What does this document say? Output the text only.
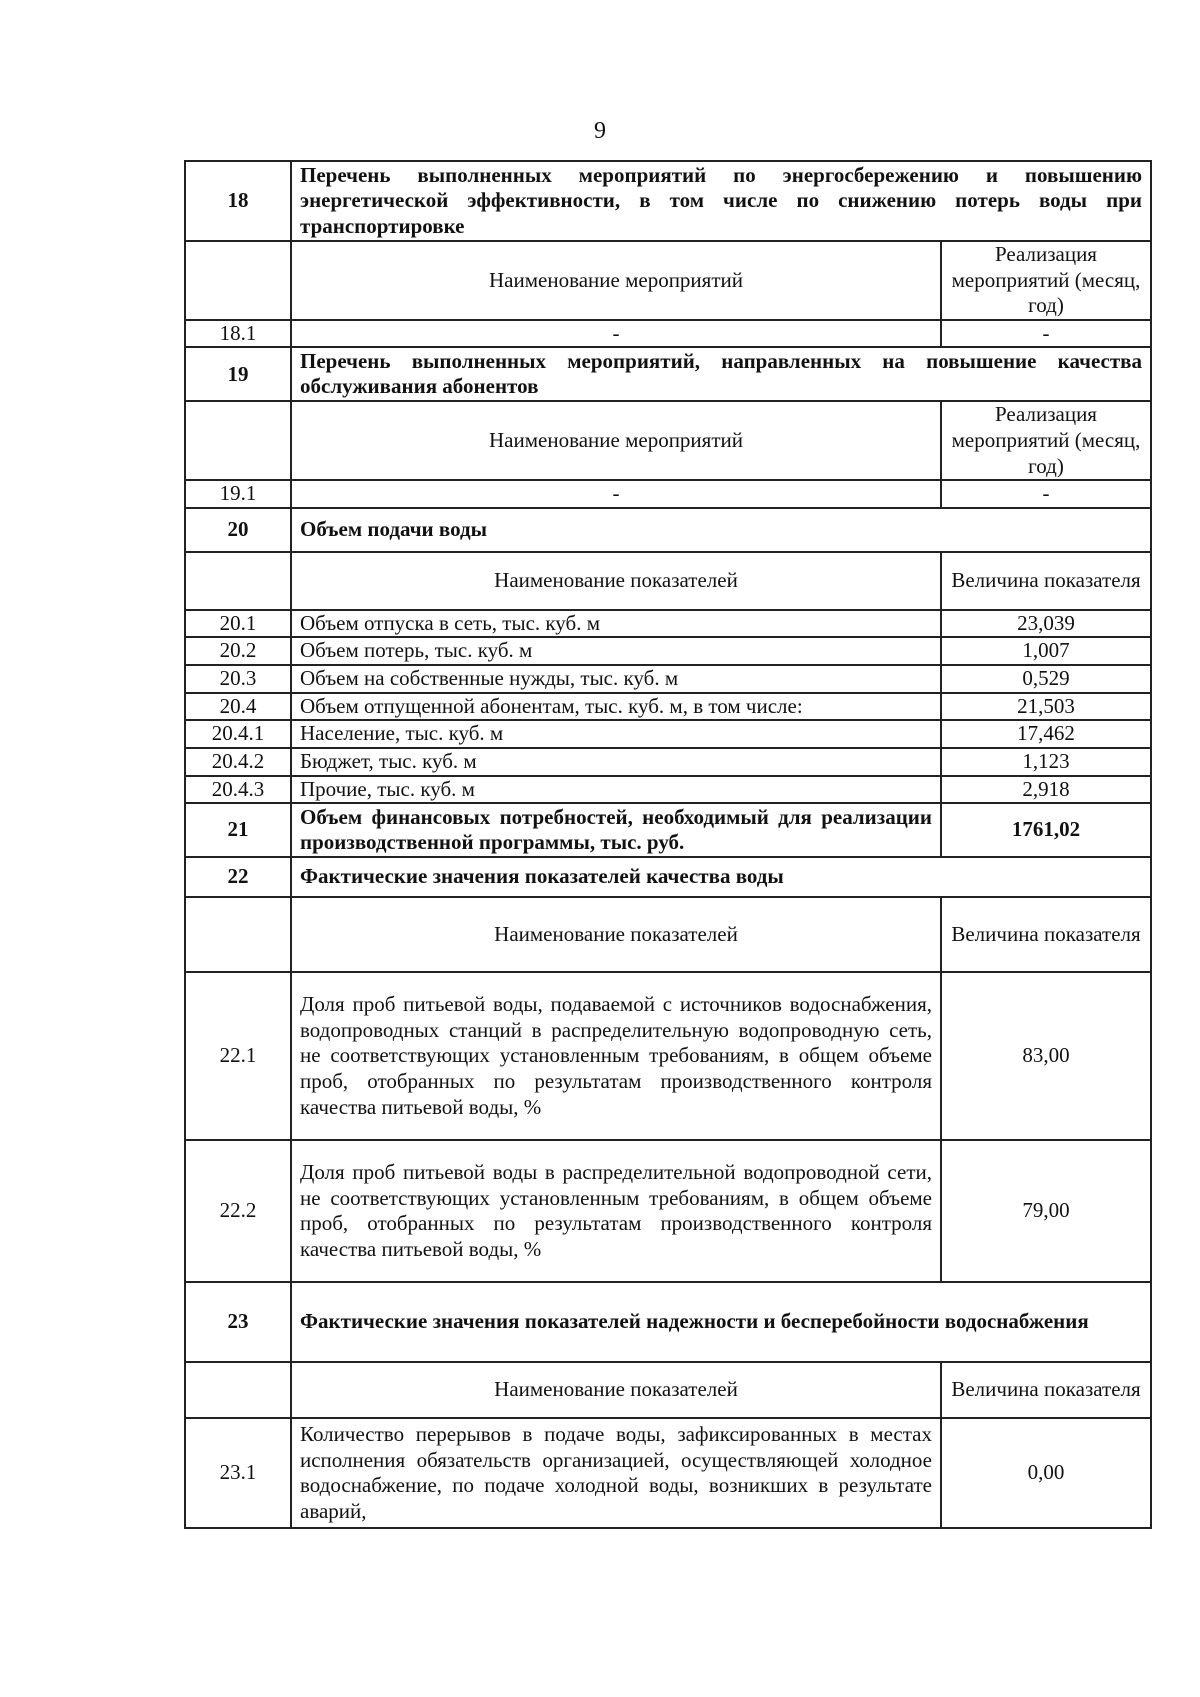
9
18	Перечень выполненных мероприятий по энергосбережению и повышению энергетической эффективности, в том числе по снижению потерь воды при транспортировке	
	Наименование мероприятий	Реализация мероприятий (месяц, год)
18.1	-	-
19	Перечень выполненных мероприятий, направленных на повышение качества обслуживания абонентов	
	Наименование мероприятий	Реализация мероприятий (месяц, год)
19.1	-	-
20	Объем подачи воды	
	Наименование показателей	Величина показателя
20.1	Объем отпуска в сеть, тыс. куб. м	23,039
20.2	Объем потерь, тыс. куб. м	1,007
20.3	Объем на собственные нужды, тыс. куб. м	0,529
20.4	Объем отпущенной абонентам, тыс. куб. м, в том числе:	21,503
20.4.1	Население, тыс. куб. м	17,462
20.4.2	Бюджет, тыс. куб. м	1,123
20.4.3	Прочие, тыс. куб. м	2,918
21	Объем финансовых потребностей, необходимый для реализации производственной программы, тыс. руб.	1761,02
22	Фактические значения показателей качества воды	
	Наименование показателей	Величина показателя
22.1	Доля проб питьевой воды, подаваемой с источников водоснабжения, водопроводных станций в распределительную водопроводную сеть, не соответствующих установленным требованиям, в общем объеме проб, отобранных по результатам производственного контроля качества питьевой воды, %	83,00
22.2	Доля проб питьевой воды в распределительной водопроводной сети, не соответствующих установленным требованиям, в общем объеме проб, отобранных по результатам производственного контроля качества питьевой воды, %	79,00
23	Фактические значения показателей надежности и бесперебойности водоснабжения	
	Наименование показателей	Величина показателя
23.1	Количество перерывов в подаче воды, зафиксированных в местах исполнения обязательств организацией, осуществляющей холодное водоснабжение, по подаче холодной воды, возникших в результате аварий,	0,00
